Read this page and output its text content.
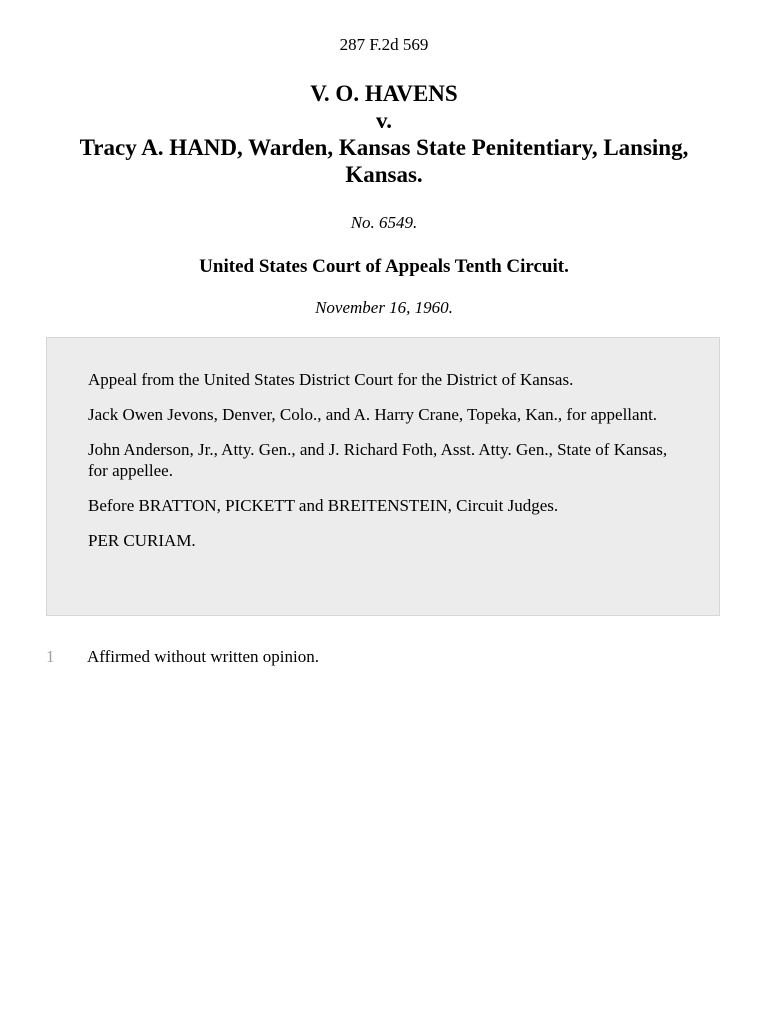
287 F.2d 569
V. O. HAVENS
v.
Tracy A. HAND, Warden, Kansas State Penitentiary, Lansing, Kansas.
No. 6549.
United States Court of Appeals Tenth Circuit.
November 16, 1960.

Appeal from the United States District Court for the District of Kansas.

Jack Owen Jevons, Denver, Colo., and A. Harry Crane, Topeka, Kan., for appellant.

John Anderson, Jr., Atty. Gen., and J. Richard Foth, Asst. Atty. Gen., State of Kansas, for appellee.

Before BRATTON, PICKETT and BREITENSTEIN, Circuit Judges.

PER CURIAM.

1 Affirmed without written opinion.
